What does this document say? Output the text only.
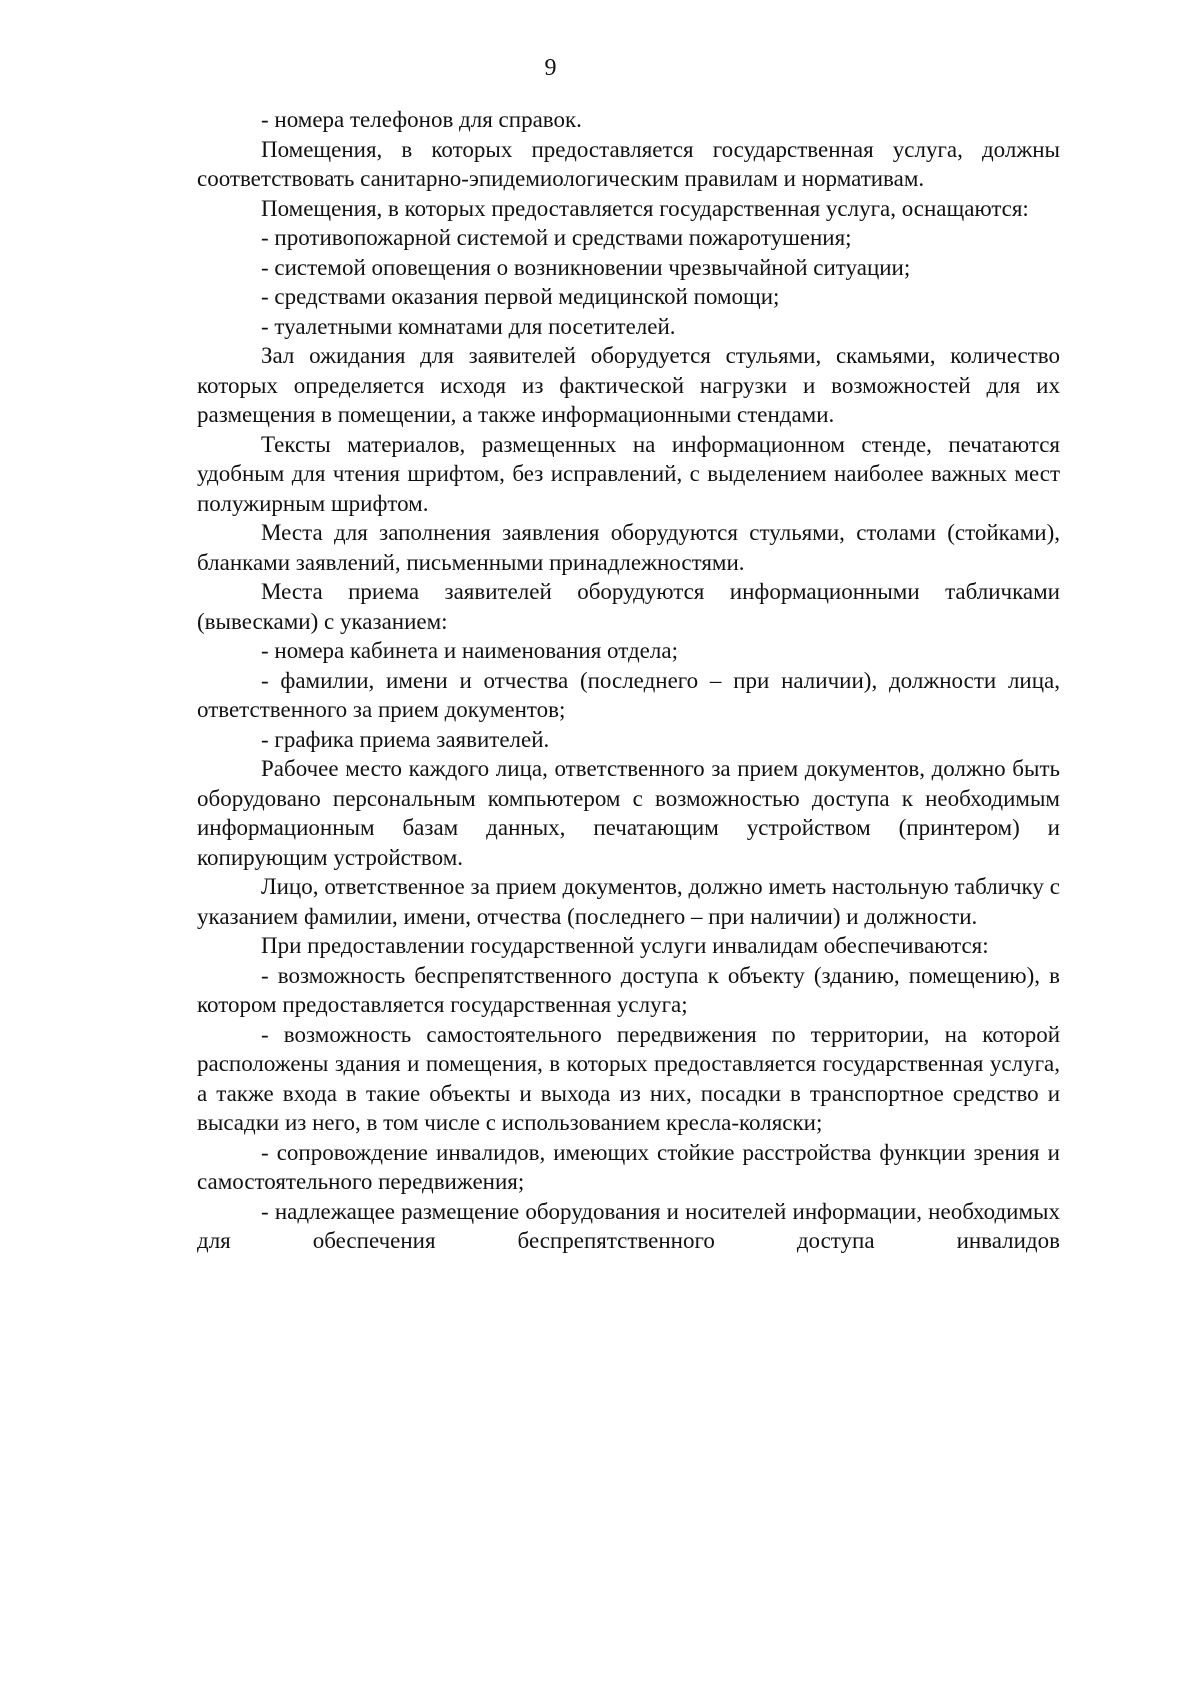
9

- номера телефонов для справок.

Помещения, в которых предоставляется государственная услуга, должны соответствовать санитарно-эпидемиологическим правилам и нормативам.

Помещения, в которых предоставляется государственная услуга, оснащаются:

- противопожарной системой и средствами пожаротушения;

- системой оповещения о возникновении чрезвычайной ситуации;

- средствами оказания первой медицинской помощи;

- туалетными комнатами для посетителей.

Зал ожидания для заявителей оборудуется стульями, скамьями, количество которых определяется исходя из фактической нагрузки и возможностей для их размещения в помещении, а также информационными стендами.

Тексты материалов, размещенных на информационном стенде, печатаются удобным для чтения шрифтом, без исправлений, с выделением наиболее важных мест полужирным шрифтом.

Места для заполнения заявления оборудуются стульями, столами (стойками), бланками заявлений, письменными принадлежностями.

Места приема заявителей оборудуются информационными табличками (вывесками) с указанием:

- номера кабинета и наименования отдела;

- фамилии, имени и отчества (последнего – при наличии), должности лица, ответственного за прием документов;

- графика приема заявителей.

Рабочее место каждого лица, ответственного за прием документов, должно быть оборудовано персональным компьютером с возможностью доступа к необходимым информационным базам данных, печатающим устройством (принтером) и копирующим устройством.

Лицо, ответственное за прием документов, должно иметь настольную табличку с указанием фамилии, имени, отчества (последнего – при наличии) и должности.

При предоставлении государственной услуги инвалидам обеспечиваются:

- возможность беспрепятственного доступа к объекту (зданию, помещению), в котором предоставляется государственная услуга;

- возможность самостоятельного передвижения по территории, на которой расположены здания и помещения, в которых предоставляется государственная услуга, а также входа в такие объекты и выхода из них, посадки в транспортное средство и высадки из него, в том числе с использованием кресла-коляски;

- сопровождение инвалидов, имеющих стойкие расстройства функции зрения и самостоятельного передвижения;

- надлежащее размещение оборудования и носителей информации, необходимых для обеспечения беспрепятственного доступа инвалидов
